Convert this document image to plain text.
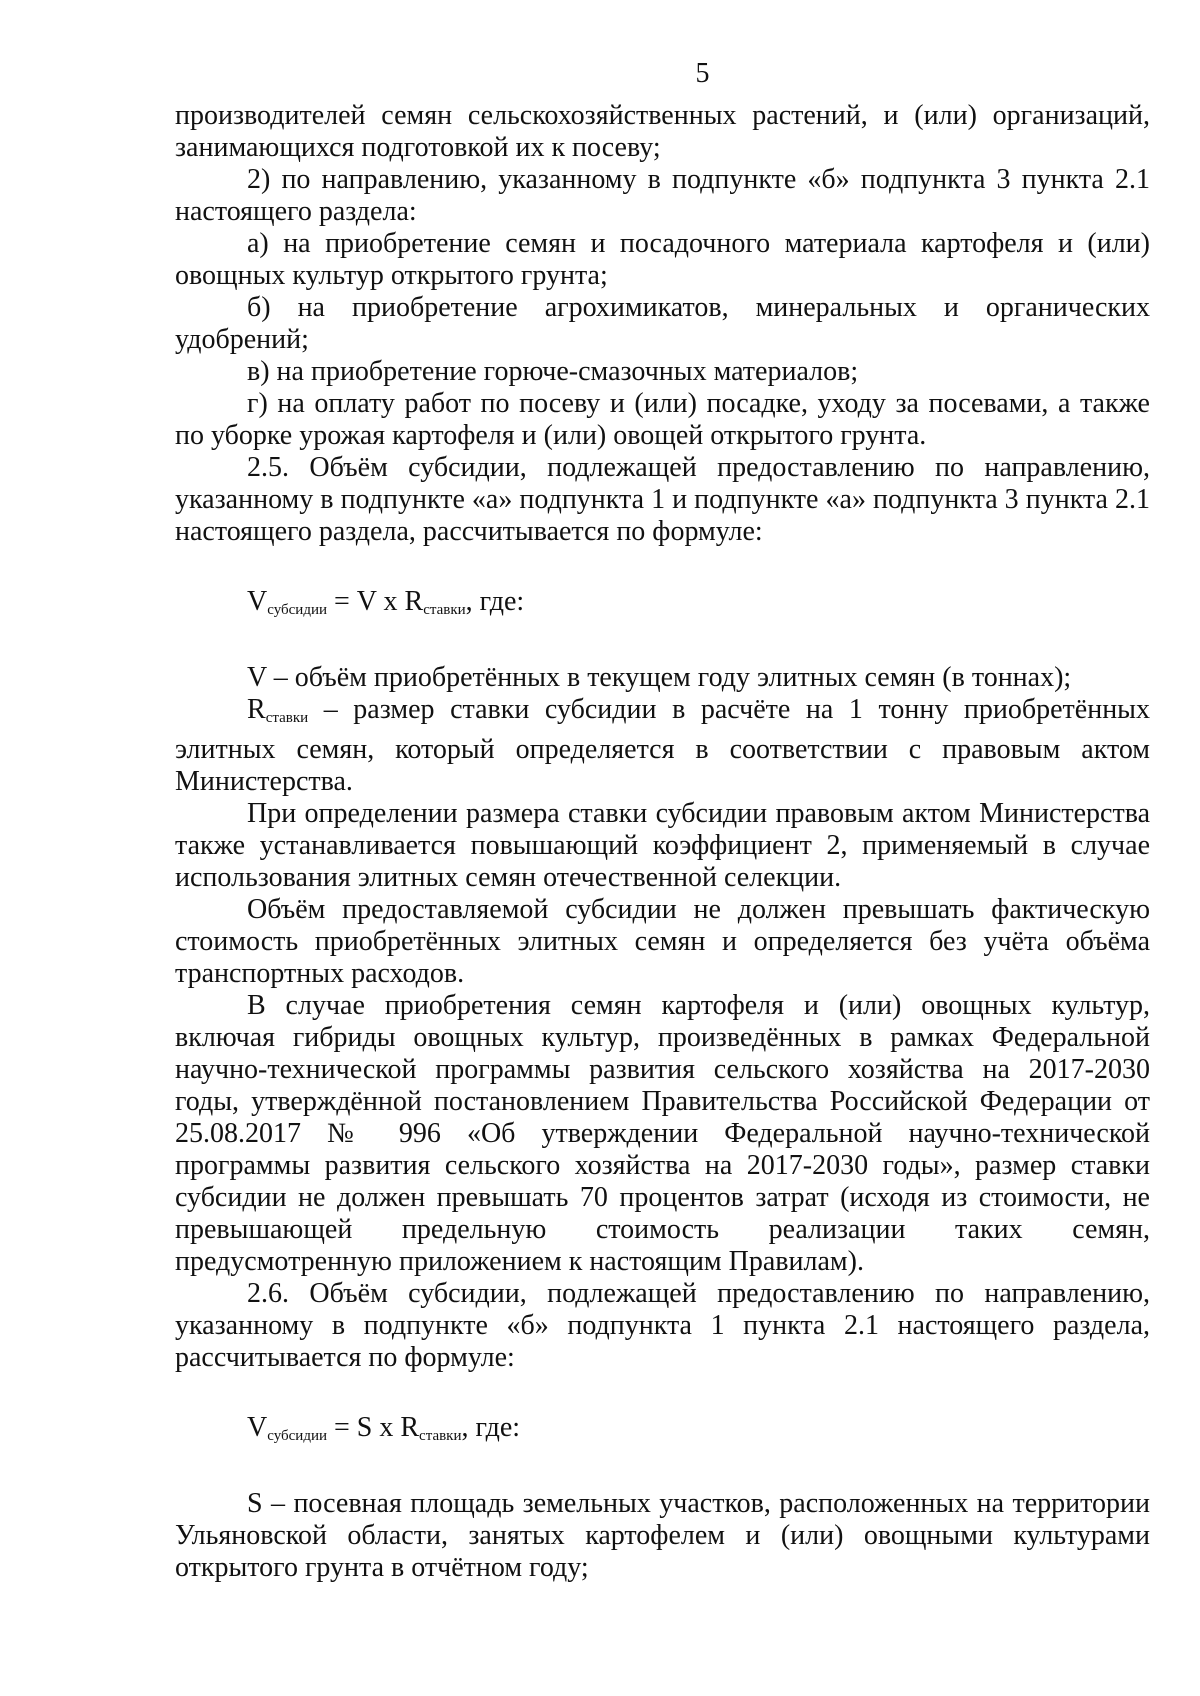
5

производителей семян сельскохозяйственных растений, и (или) организаций, занимающихся подготовкой их к посеву;

2) по направлению, указанному в подпункте «б» подпункта 3 пункта 2.1 настоящего раздела:

а) на приобретение семян и посадочного материала картофеля и (или) овощных культур открытого грунта;

б) на приобретение агрохимикатов, минеральных и органических удобрений;

в) на приобретение горюче-смазочных материалов;

г) на оплату работ по посеву и (или) посадке, уходу за посевами, а также по уборке урожая картофеля и (или) овощей открытого грунта.

2.5. Объём субсидии, подлежащей предоставлению по направлению, указанному в подпункте «а» подпункта 1 и подпункте «а» подпункта 3 пункта 2.1 настоящего раздела, рассчитывается по формуле:

$V_{субсидии} = V$ x $R_{ставки}$, где:

V – объём приобретённых в текущем году элитных семян (в тоннах);

$R_{ставки}$ – размер ставки субсидии в расчёте на 1 тонну приобретённых элитных семян, который определяется в соответствии с правовым актом Министерства.

При определении размера ставки субсидии правовым актом Министерства также устанавливается повышающий коэффициент 2, применяемый в случае использования элитных семян отечественной селекции.

Объём предоставляемой субсидии не должен превышать фактическую стоимость приобретённых элитных семян и определяется без учёта объёма транспортных расходов.

В случае приобретения семян картофеля и (или) овощных культур, включая гибриды овощных культур, произведённых в рамках Федеральной научно-технической программы развития сельского хозяйства на 2017-2030 годы, утверждённой постановлением Правительства Российской Федерации от 25.08.2017 № 996 «Об утверждении Федеральной научно-технической программы развития сельского хозяйства на 2017-2030 годы», размер ставки субсидии не должен превышать 70 процентов затрат (исходя из стоимости, не превышающей предельную стоимость реализации таких семян, предусмотренную приложением к настоящим Правилам).

2.6. Объём субсидии, подлежащей предоставлению по направлению, указанному в подпункте «б» подпункта 1 пункта 2.1 настоящего раздела, рассчитывается по формуле:

$V_{субсидии} = S$ x $R_{ставки}$, где:

S – посевная площадь земельных участков, расположенных на территории Ульяновской области, занятых картофелем и (или) овощными культурами открытого грунта в отчётном году;
